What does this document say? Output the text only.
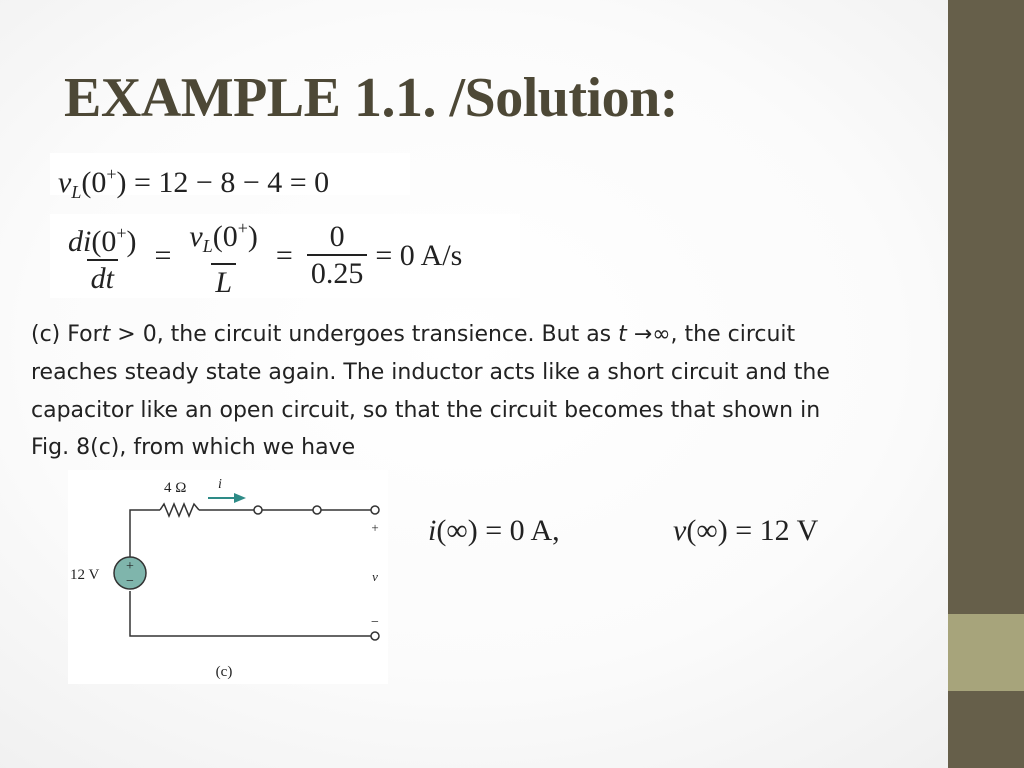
EXAMPLE 1.1. /Solution:
$v_L(0^+) = 12 - 8 - 4 = 0$
$\frac{di(0^+)}{dt} = \frac{v_L(0^+)}{L} = \frac{0}{0.25} = 0$ A/s

(c) Fort > 0, the circuit undergoes transience. But as t →∞, the circuit reaches steady state again. The inductor acts like a short circuit and the capacitor like an open circuit, so that the circuit becomes that shown in Fig. 8(c), from which we have

4 Ω i
12 V
+
−
+
v
−
(c)
i(∞) = 0 A,	v(∞) = 12 V
